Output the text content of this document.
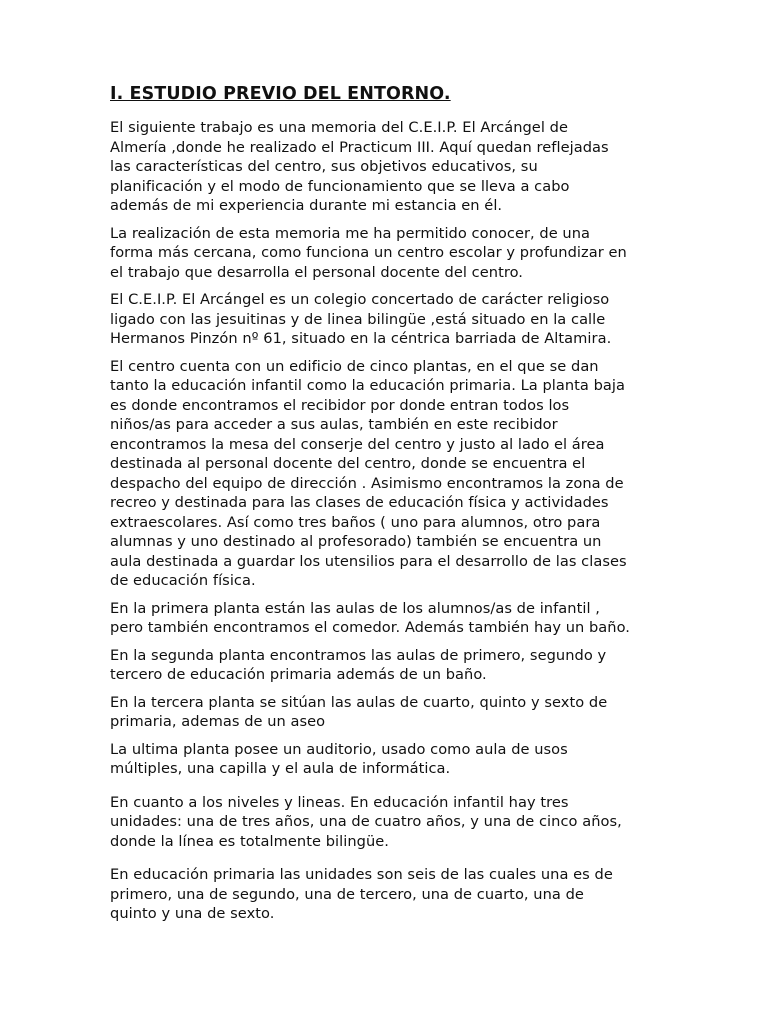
I. ESTUDIO PREVIO DEL ENTORNO.

El siguiente trabajo es una memoria del C.E.I.P. El Arcángel de
Almería ,donde he realizado el Practicum III. Aquí quedan reflejadas
las características del centro, sus objetivos educativos, su
planificación y el modo de funcionamiento que se lleva a cabo
además de mi experiencia durante mi estancia en él.

La realización de esta memoria me ha permitido conocer, de una
forma más cercana, como funciona un centro escolar y profundizar en
el trabajo que desarrolla el personal docente del centro.

El C.E.I.P. El Arcángel es un colegio concertado de carácter religioso
ligado con las jesuitinas y de linea bilingüe ,está situado en la calle
Hermanos Pinzón nº 61, situado en la céntrica barriada de Altamira.

El centro cuenta con un edificio de cinco plantas, en el que se dan
tanto la educación infantil como la educación primaria. La planta baja
es donde encontramos el recibidor por donde entran todos los
niños/as para acceder a sus aulas, también en este recibidor
encontramos la mesa del conserje del centro y justo al lado el área
destinada al personal docente del centro, donde se encuentra el
despacho del equipo de dirección . Asimismo encontramos la zona de
recreo y destinada para las clases de educación física y actividades
extraescolares. Así como tres baños ( uno para alumnos, otro para
alumnas y uno destinado al profesorado) también se encuentra un
aula destinada a guardar los utensilios para el desarrollo de las clases
de educación física.

En la primera planta están las aulas de los alumnos/as de infantil ,
pero también encontramos el comedor. Además también hay un baño.

En la segunda planta encontramos las aulas de primero, segundo y
tercero de educación primaria además de un baño.

En la tercera planta se sitúan las aulas de cuarto, quinto y sexto de
primaria, ademas de un aseo

La ultima planta posee un auditorio, usado como aula de usos
múltiples, una capilla y el aula de informática.

En cuanto a los niveles y lineas. En educación infantil hay tres
unidades: una de tres años, una de cuatro años, y una de cinco años,
donde la línea es totalmente bilingüe.

En educación primaria las unidades son seis de las cuales una es de
primero, una de segundo, una de tercero, una de cuarto, una de
quinto y una de sexto.
